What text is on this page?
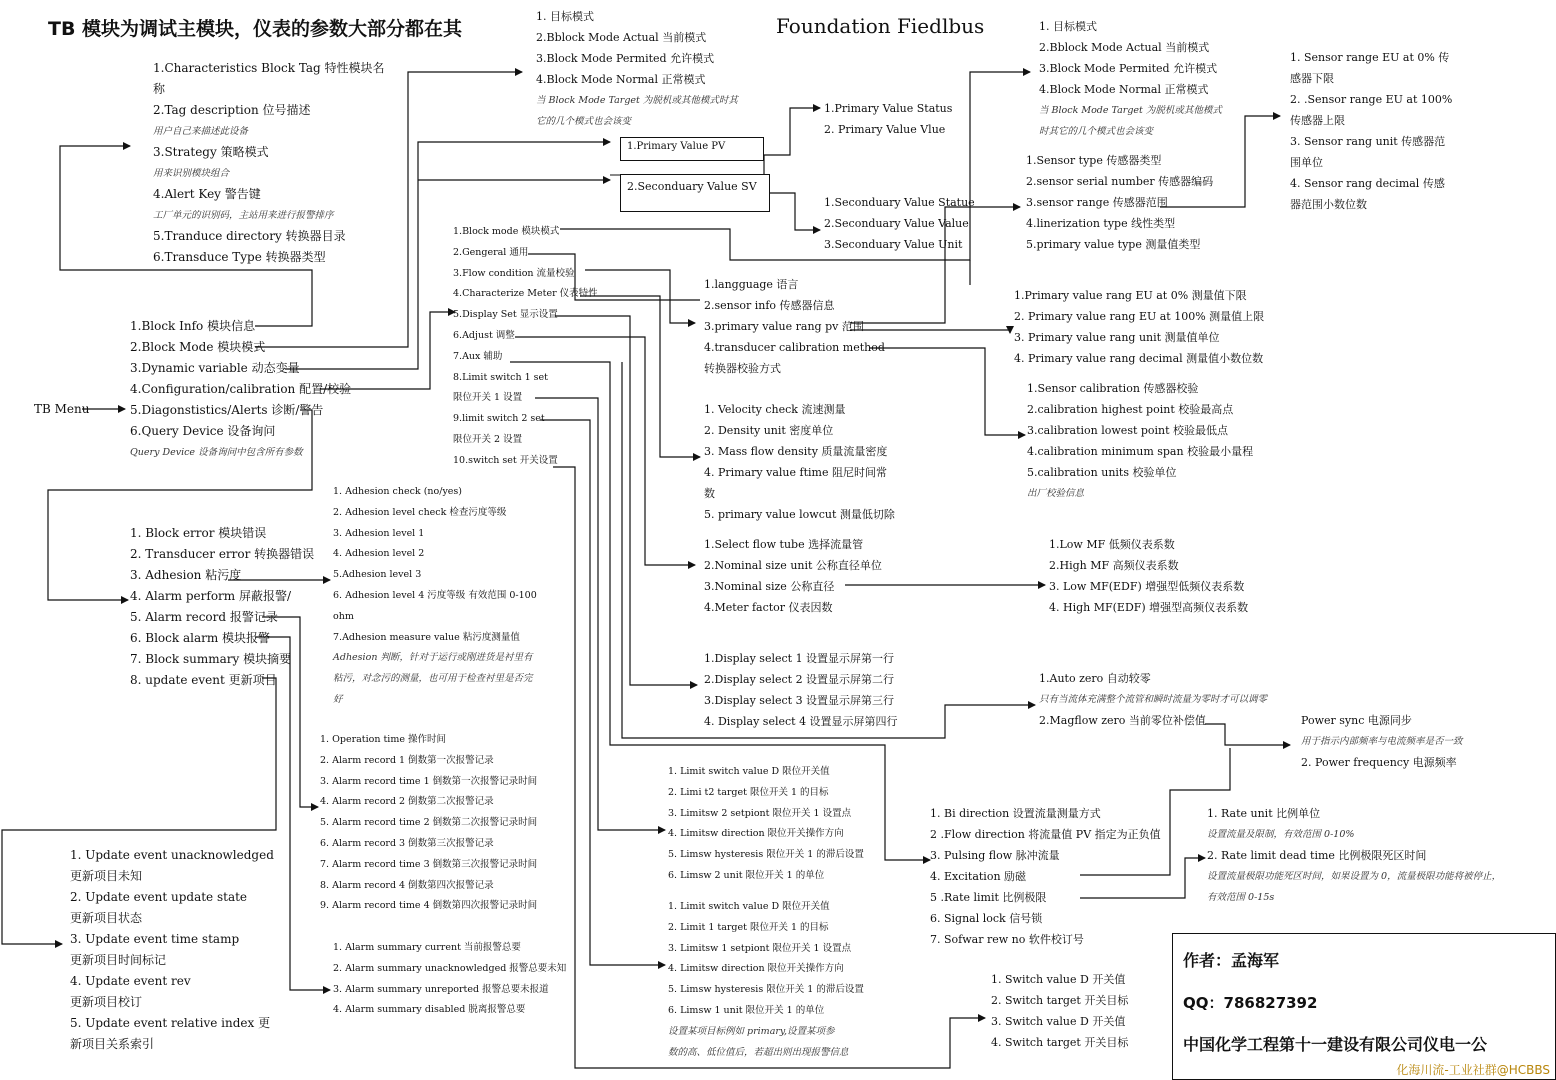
TB 模块为调试主模块，仪表的参数大部分都在其	Foundation Fiedlbus
TB Menu
1.Primary Value PV
2.Seconduary Value SV
1.Characteristics Block Tag 特性模块名
称
2.Tag description 位号描述
用户自己来描述此设备
3.Strategy 策略模式
用来识别模块组合
4.Alert Key 警告键
工厂单元的识别码，主站用来进行报警排序
5.Tranduce directory 转换器目录
6.Transduce Type 转换器类型
1. 目标模式
2.Bblock Mode Actual 当前模式
3.Block Mode Permited 允许模式
4.Block Mode Normal 正常模式
当 Block Mode Target 为脱机或其他模式时其
它的几个模式也会该变
1. 目标模式
2.Bblock Mode Actual 当前模式
3.Block Mode Permited 允许模式
4.Block Mode Normal 正常模式
当 Block Mode Target 为脱机或其他模式
时其它的几个模式也会该变
1.Primary Value Status
2. Primary Value Vlue
1.Seconduary Value Statue
2.Seconduary Value Value
3.Seconduary Value Unit
1.Sensor type 传感器类型
2.sensor serial number 传感器编码
3.sensor range 传感器范围
4.linerization type 线性类型
5.primary value type 测量值类型
1. Sensor range EU at 0% 传
感器下限
2. .Sensor range EU at 100%
传感器上限
3. Sensor rang unit 传感器范
围单位
4. Sensor rang decimal 传感
器范围小数位数
1.Block Info 模块信息
2.Block Mode 模块模式
3.Dynamic variable 动态变量
4.Configuration/calibration 配置/校验
5.Diagonstistics/Alerts 诊断/警告
6.Query Device 设备询问
Query Device 设备询问中包含所有参数
1.Block mode 模块模式
2.Gengeral 通用
3.Flow condition 流量校验
4.Characterize Meter 仪表特性
5.Display Set 显示设置
6.Adjust 调整
7.Aux 辅助
8.Limit switch 1 set
限位开关 1 设置
9.limit switch 2 set
限位开关 2 设置
10.switch set 开关设置
1.langguage 语言
2.sensor info 传感器信息
3.primary value rang pv 范围
4.transducer calibration method
转换器校验方式
1.Primary value rang EU at 0% 测量值下限
2. Primary value rang EU at 100% 测量值上限
3. Primary value rang unit 测量值单位
4. Primary value rang decimal 测量值小数位数
1.Sensor calibration 传感器校验
2.calibration highest point 校验最高点
3.calibration lowest point 校验最低点
4.calibration minimum span 校验最小量程
5.calibration units 校验单位
出厂校验信息
1. Velocity check 流速测量
2. Density unit 密度单位
3. Mass flow density 质量流量密度
4. Primary value ftime 阻尼时间常
数
5. primary value lowcut 测量低切除
1.Select flow tube 选择流量管
2.Nominal size unit 公称直径单位
3.Nominal size 公称直径
4.Meter factor 仪表因数
1.Low MF 低频仪表系数
2.High MF 高频仪表系数
3. Low MF(EDF) 增强型低频仪表系数
4. High MF(EDF) 增强型高频仪表系数
1.Display select 1 设置显示屏第一行
2.Display select 2 设置显示屏第二行
3.Display select 3 设置显示屏第三行
4. Display select 4 设置显示屏第四行
1.Auto zero 自动较零
只有当流体充满整个流管和瞬时流量为零时才可以调零
2.Magflow zero 当前零位补偿值	Power sync 电源同步
用于指示内部频率与电流频率是否一致
2. Power frequency 电源频率
1. Block error 模块错误
2. Transducer error 转换器错误
3. Adhesion 粘污度
4. Alarm perform 屏蔽报警/
5. Alarm record 报警记录
6. Block alarm 模块报警
7. Block summary 模块摘要
8. update event 更新项目
1. Adhesion check (no/yes)
2. Adhesion level check 检查污度等级
3. Adhesion level 1
4. Adhesion level 2
5.Adhesion level 3
6. Adhesion level 4 污度等级 有效范围 0-100
ohm
7.Adhesion measure value 粘污度测量值
Adhesion 判断，针对于运行或刚进货是衬里有
粘污，对念污的测量，也可用于检查衬里是否完
好
1. Operation time 操作时间
2. Alarm record 1 倒数第一次报警记录
3. Alarm record time 1 倒数第一次报警记录时间
4. Alarm record 2 倒数第二次报警记录
5. Alarm record time 2 倒数第二次报警记录时间
6. Alarm record 3 倒数第三次报警记录
7. Alarm record time 3 倒数第三次报警记录时间
8. Alarm record 4 倒数第四次报警记录
9. Alarm record time 4 倒数第四次报警记录时间
1. Alarm summary current 当前报警总要
2. Alarm summary unacknowledged 报警总要未知
3. Alarm summary unreported 报警总要未报道
4. Alarm summary disabled 脱离报警总要
1. Update event unacknowledged
更新项目未知
2. Update event update state
更新项目状态
3. Update event time stamp
更新项目时间标记
4. Update event rev
更新项目校订
5. Update event relative index 更
新项目关系索引
1. Limit switch value D 限位开关值
2. Limi t2 target 限位开关 1 的目标
3. Limitsw 2 setpiont 限位开关 1 设置点
4. Limitsw direction 限位开关操作方向
5. Limsw hysteresis 限位开关 1 的滞后设置
6. Limsw 2 unit 限位开关 1 的单位
1. Limit switch value D 限位开关值
2. Limit 1 target 限位开关 1 的目标
3. Limitsw 1 setpiont 限位开关 1 设置点
4. Limitsw direction 限位开关操作方向
5. Limsw hysteresis 限位开关 1 的滞后设置
6. Limsw 1 unit 限位开关 1 的单位
设置某项目标例如 primary,设置某项参
数的高、低位值后，若超出则出现报警信息
1. Bi direction 设置流量测量方式
2 .Flow direction 将流量值 PV 指定为正负值
3. Pulsing flow 脉冲流量
4. Excitation 励磁
5 .Rate limit 比例极限
6. Signal lock 信号锁
7. Sofwar rew no 软件校订号
1. Rate unit 比例单位
设置流量及限制，有效范围 0-10%
2. Rate limit dead time 比例极限死区时间
设置流量极限功能死区时间，如果设置为 0，流量极限功能将被停止，
有效范围 0-15s
1. Switch value D 开关值
2. Switch target 开关目标
3. Switch value D 开关值
4. Switch target 开关目标
作者：孟海军
QQ：786827392
中国化学工程第十一建设有限公司仪电一公
化海川流-工业社群@HCBBS
